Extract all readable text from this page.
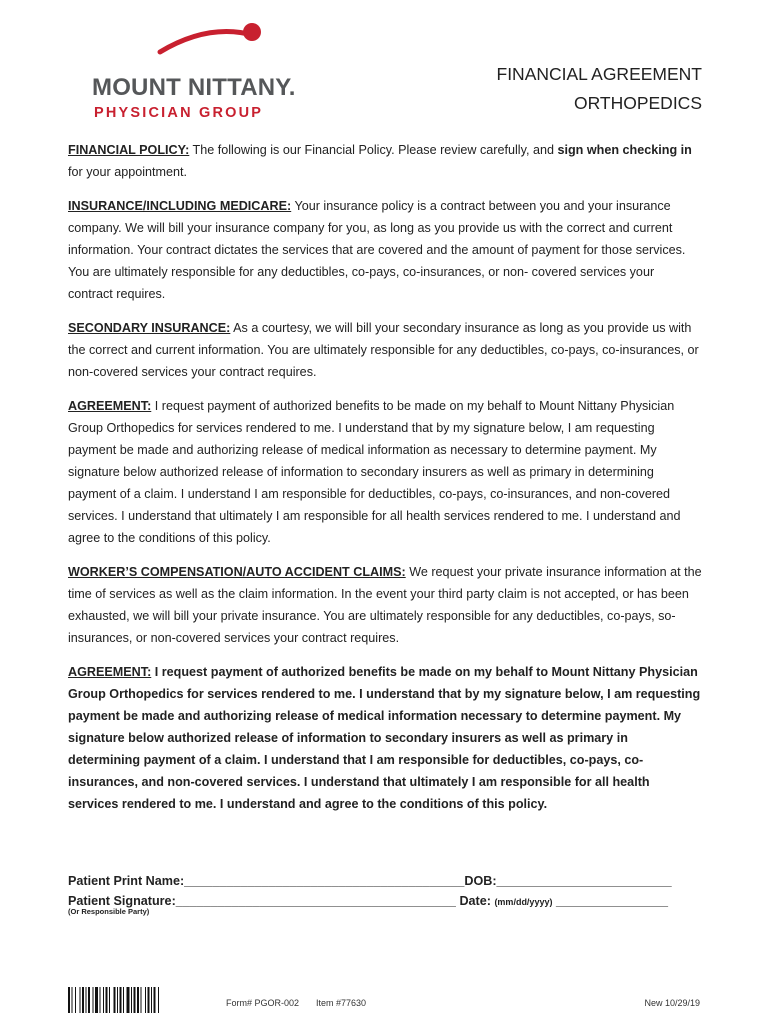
MOUNT NITTANY.
PHYSICIAN GROUP
FINANCIAL AGREEMENT
ORTHOPEDICS

FINANCIAL POLICY: The following is our Financial Policy. Please review carefully, and sign when checking in for your appointment.

INSURANCE/INCLUDING MEDICARE: Your insurance policy is a contract between you and your insurance company. We will bill your insurance company for you, as long as you provide us with the correct and current information. Your contract dictates the services that are covered and the amount of payment for those services. You are ultimately responsible for any deductibles, co-pays, co-insurances, or non- covered services your contract requires.

SECONDARY INSURANCE: As a courtesy, we will bill your secondary insurance as long as you provide us with the correct and current information. You are ultimately responsible for any deductibles, co-pays, co-insurances, or non-covered services your contract requires.

AGREEMENT: I request payment of authorized benefits to be made on my behalf to Mount Nittany Physician Group Orthopedics for services rendered to me. I understand that by my signature below, I am requesting payment be made and authorizing release of medical information as necessary to determine payment. My signature below authorized release of information to secondary insurers as well as primary in determining payment of a claim. I understand I am responsible for deductibles, co-pays, co-insurances, and non-covered services. I understand that ultimately I am responsible for all health services rendered to me. I understand and agree to the conditions of this policy.

WORKER’S COMPENSATION/AUTO ACCIDENT CLAIMS: We request your private insurance information at the time of services as well as the claim information. In the event your third party claim is not accepted, or has been exhausted, we will bill your private insurance. You are ultimately responsible for any deductibles, co-pays, so-insurances, or non-covered services your contract requires.

AGREEMENT: I request payment of authorized benefits be made on my behalf to Mount Nittany Physician Group Orthopedics for services rendered to me. I understand that by my signature below, I am requesting payment be made and authorizing release of medical information necessary to determine payment. My signature below authorized release of information to secondary insurers as well as primary in determining payment of a claim. I understand that I am responsible for deductibles, co-pays, co-insurances, and non-covered services. I understand that ultimately I am responsible for all health services rendered to me. I understand and agree to the conditions of this policy.

Patient Print Name:________________________________________DOB:_________________________
Patient Signature:________________________________________ Date: (mm/dd/yyyy) ________________
(Or Responsible Party)
Form# PGOR-002 Item #77630	New 10/29/19
